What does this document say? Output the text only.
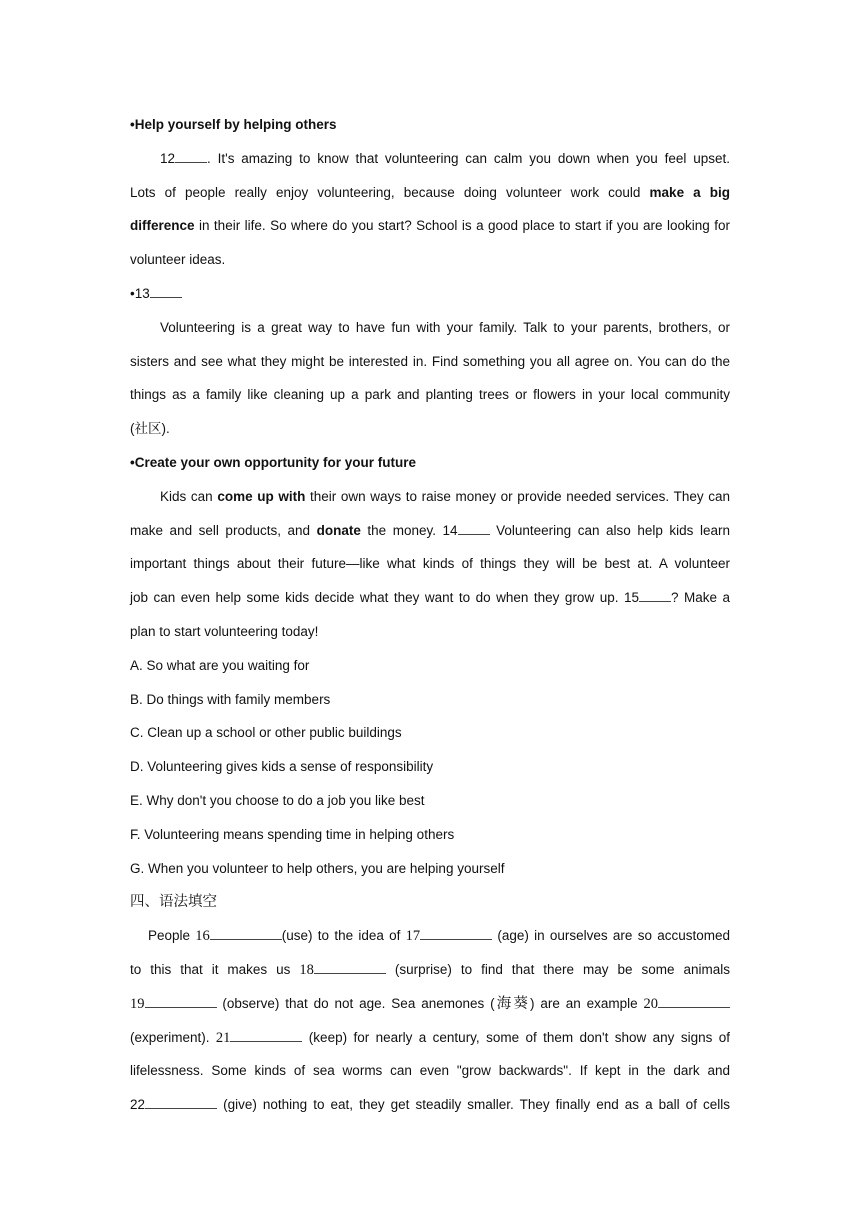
•Help yourself by helping others
12 . It's amazing to know that volunteering can calm you down when you feel upset.
Lots of people really enjoy volunteering, because doing volunteer work could make a big
difference in their life. So where do you start? School is a good place to start if you are looking for
volunteer ideas.
•13
Volunteering is a great way to have fun with your family. Talk to your parents, brothers, or
sisters and see what they might be interested in. Find something you all agree on. You can do the
things as a family like cleaning up a park and planting trees or flowers in your local community
(社区).
•Create your own opportunity for your future
Kids can come up with their own ways to raise money or provide needed services. They can
make and sell products, and donate the money. 14 Volunteering can also help kids learn
important things about their future—like what kinds of things they will be best at. A volunteer
job can even help some kids decide what they want to do when they grow up. 15 ? Make a
plan to start volunteering today!
A. So what are you waiting for
B. Do things with family members
C. Clean up a school or other public buildings
D. Volunteering gives kids a sense of responsibility
E. Why don't you choose to do a job you like best
F. Volunteering means spending time in helping others
G. When you volunteer to help others, you are helping yourself
四、语法填空
People 16	(use) to the idea of 17	(age) in ourselves are so accustomed
to this that it makes us 18	(surprise) to find that there may be some animals
19	(observe) that do not age. Sea anemones (海葵) are an example 20
(experiment). 21	(keep) for nearly a century, some of them don't show any signs of
lifelessness. Some kinds of sea worms can even "grow backwards". If kept in the dark and
22	(give) nothing to eat, they get steadily smaller. They finally end as a ball of cells
